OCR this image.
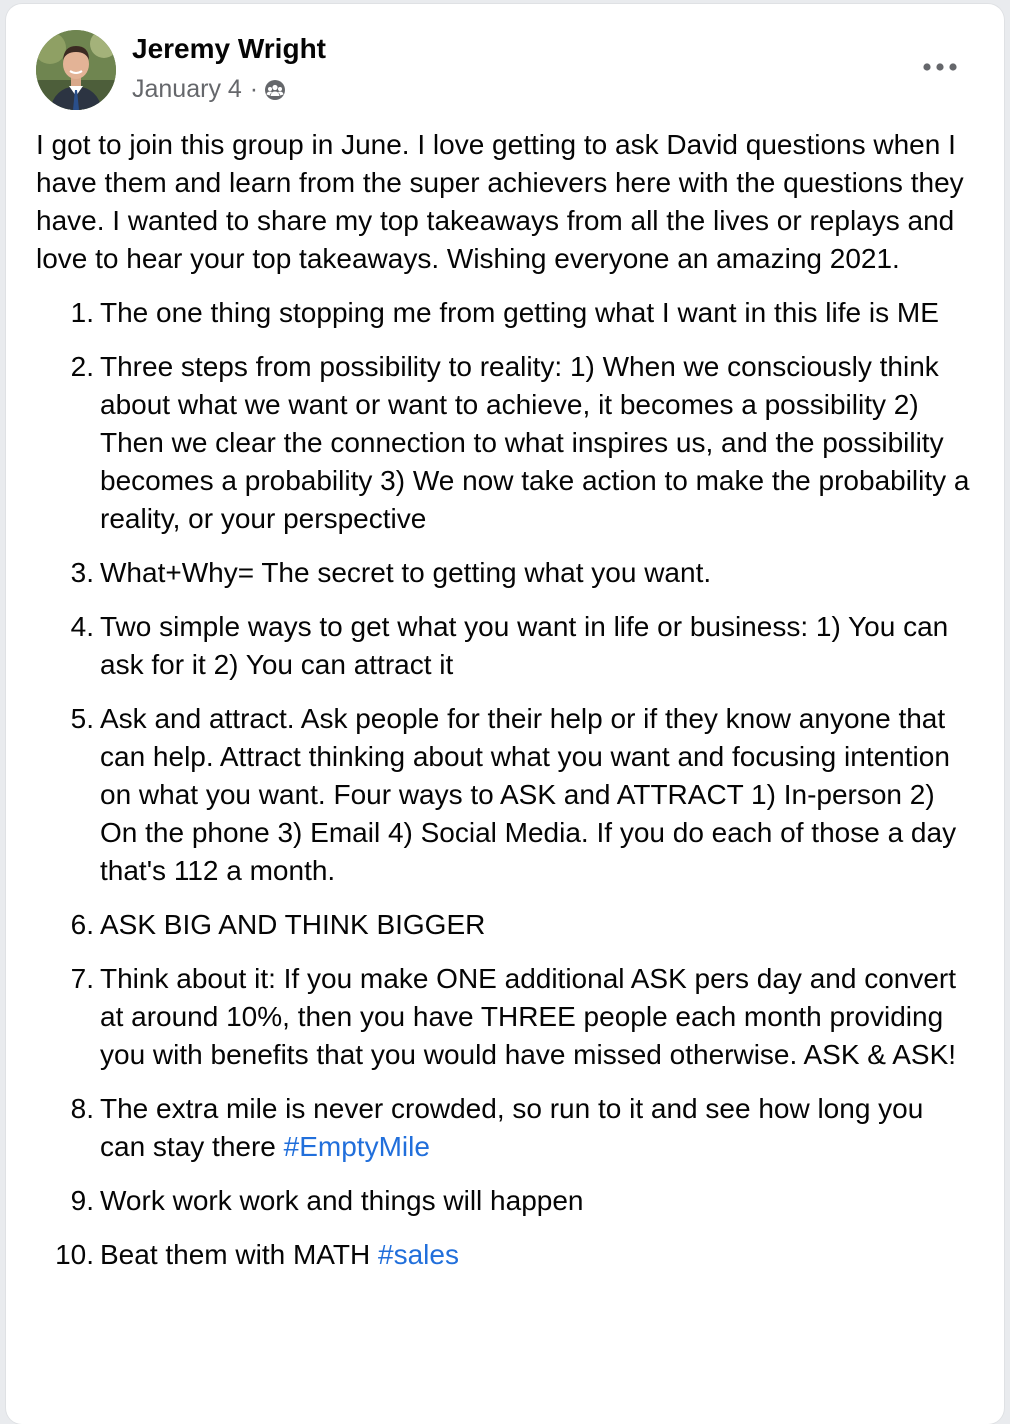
Jeremy Wright
January 4 ·

I got to join this group in June. I love getting to ask David questions when I have them and learn from the super achievers here with the questions they have. I wanted to share my top takeaways from all the lives or replays and love to hear your top takeaways. Wishing everyone an amazing 2021.

1. The one thing stopping me from getting what I want in this life is ME
2. Three steps from possibility to reality: 1) When we consciously think about what we want or want to achieve, it becomes a possibility 2) Then we clear the connection to what inspires us, and the possibility becomes a probability 3) We now take action to make the probability a reality, or your perspective
3. What+Why= The secret to getting what you want.
4. Two simple ways to get what you want in life or business: 1) You can ask for it 2) You can attract it
5. Ask and attract. Ask people for their help or if they know anyone that can help. Attract thinking about what you want and focusing intention on what you want. Four ways to ASK and ATTRACT 1) In-person 2) On the phone 3) Email 4) Social Media. If you do each of those a day that's 112 a month.
6. ASK BIG AND THINK BIGGER
7. Think about it: If you make ONE additional ASK pers day and convert at around 10%, then you have THREE people each month providing you with benefits that you would have missed otherwise. ASK & ASK!
8. The extra mile is never crowded, so run to it and see how long you can stay there #EmptyMile
9. Work work work and things will happen
10. Beat them with MATH #sales
